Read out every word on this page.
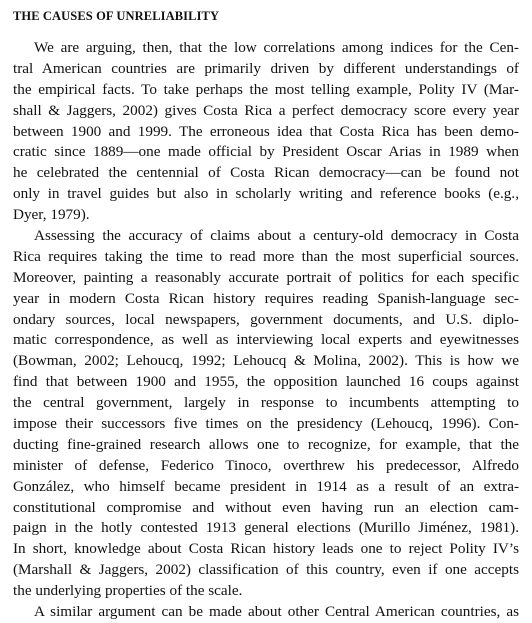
THE CAUSES OF UNRELIABILITY
We are arguing, then, that the low correlations among indices for the Cen-
tral American countries are primarily driven by different understandings of
the empirical facts. To take perhaps the most telling example, Polity IV (Mar-
shall & Jaggers, 2002) gives Costa Rica a perfect democracy score every year
between 1900 and 1999. The erroneous idea that Costa Rica has been demo-
cratic since 1889—one made official by President Oscar Arias in 1989 when
he celebrated the centennial of Costa Rican democracy—can be found not
only in travel guides but also in scholarly writing and reference books (e.g.,
Dyer, 1979).
Assessing the accuracy of claims about a century-old democracy in Costa
Rica requires taking the time to read more than the most superficial sources.
Moreover, painting a reasonably accurate portrait of politics for each specific
year in modern Costa Rican history requires reading Spanish-language sec-
ondary sources, local newspapers, government documents, and U.S. diplo-
matic correspondence, as well as interviewing local experts and eyewitnesses
(Bowman, 2002; Lehoucq, 1992; Lehoucq & Molina, 2002). This is how we
find that between 1900 and 1955, the opposition launched 16 coups against
the central government, largely in response to incumbents attempting to
impose their successors five times on the presidency (Lehoucq, 1996). Con-
ducting fine-grained research allows one to recognize, for example, that the
minister of defense, Federico Tinoco, overthrew his predecessor, Alfredo
González, who himself became president in 1914 as a result of an extra-
constitutional compromise and without even having run an election cam-
paign in the hotly contested 1913 general elections (Murillo Jiménez, 1981).
In short, knowledge about Costa Rican history leads one to reject Polity IV’s
(Marshall & Jaggers, 2002) classification of this country, even if one accepts
the underlying properties of the scale.
A similar argument can be made about other Central American countries, as
